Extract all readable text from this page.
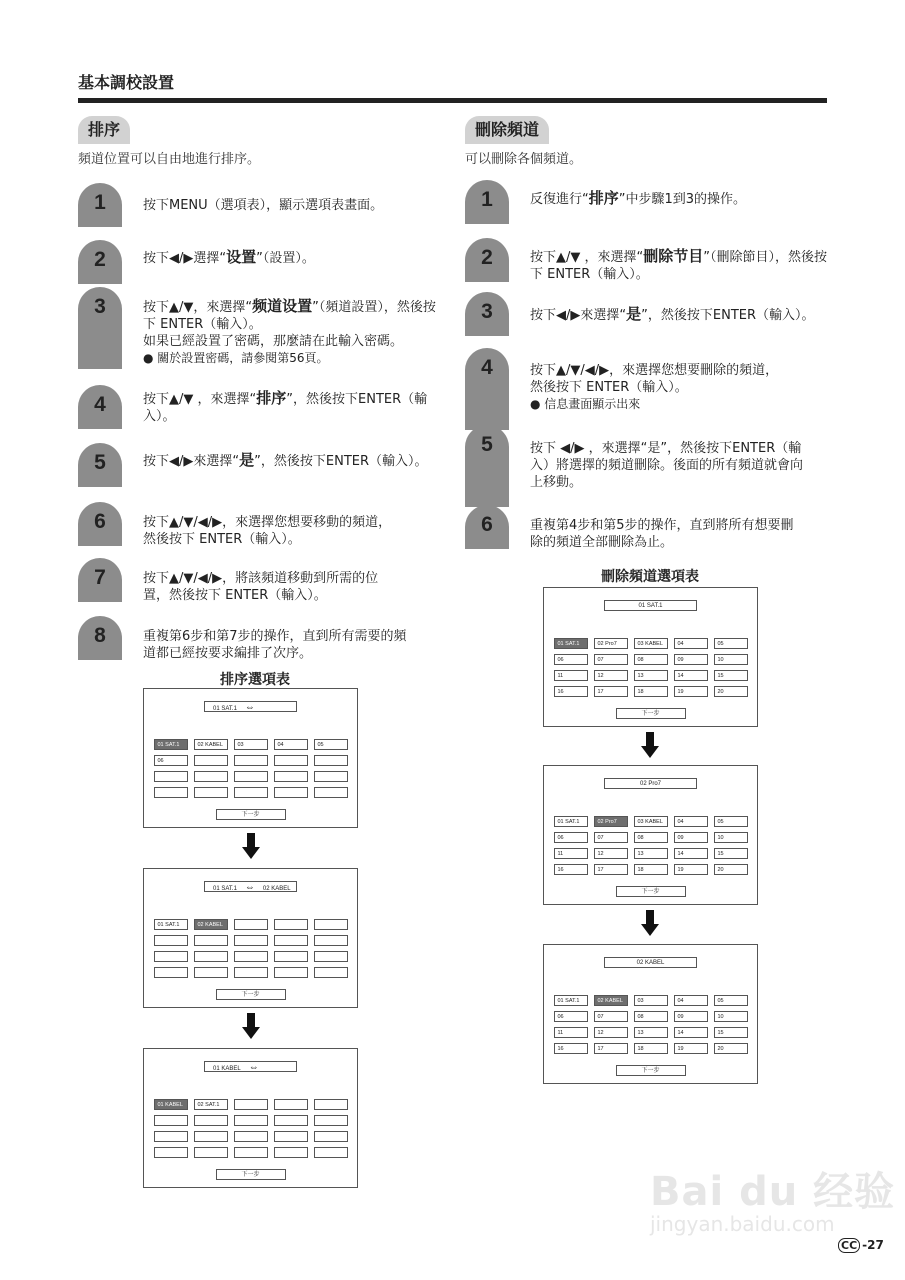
基本調校設置
排序
頻道位置可以自由地進行排序。
1	按下MENU（選項表），顯示選項表畫面。
2	按下◀/▶選擇“设置”（設置）。
3	按下▲/▼，來選擇“频道设置”（頻道設置），然後按下 ENTER（輸入）。
如果已經設置了密碼，那麼請在此輸入密碼。
● 關於設置密碼，請參閱第56頁。
4	按下▲/▼ ，來選擇“排序”，然後按下ENTER（輸入）。
5	按下◀/▶來選擇“是”，然後按下ENTER（輸入）。
6	按下▲/▼/◀/▶，來選擇您想要移動的頻道，
然後按下 ENTER（輸入）。
7	按下▲/▼/◀/▶，將該頻道移動到所需的位
置，然後按下 ENTER（輸入）。
8	重複第6步和第7步的操作，直到所有需要的頻
道都已經按要求編排了次序。
排序選項表
01 SAT.1 ⇔
01 SAT.1	02 KABEL	03	04	05
06
下一步
01 SAT.1 ⇔ 02 KABEL
01 SAT.1	02 KABEL
下一步
01 KABEL ⇔
01 KABEL	02 SAT.1
下一步
刪除頻道
可以刪除各個頻道。
1	反復進行“排序”中步驟1到3的操作。
2	按下▲/▼ ，來選擇“刪除节目”（刪除節目），然後按下 ENTER（輸入）。
3	按下◀/▶來選擇“是”，然後按下ENTER（輸入）。
4	按下▲/▼/◀/▶，來選擇您想要刪除的頻道，
然後按下 ENTER（輸入）。
● 信息畫面顯示出來
5	按下 ◀/▶ ，來選擇“是”，然後按下ENTER（輸
入）將選擇的頻道刪除。後面的所有頻道就會向
上移動。
6	重複第4步和第5步的操作，直到將所有想要刪
除的頻道全部刪除為止。
刪除頻道選項表
01 SAT.1
01 SAT.1	02 Pro7	03 KABEL	04	05
06	07	08	09	10
11	12	13	14	15
16	17	18	19	20
下一步
02 Pro7
01 SAT.1	02 Pro7	03 KABEL	04	05
06	07	08	09	10
11	12	13	14	15
16	17	18	19	20
下一步
02 KABEL
01 SAT.1	02 KABEL	03	04	05
06	07	08	09	10
11	12	13	14	15
16	17	18	19	20
下一步
Bai du 经验
jingyan.baidu.com
CC -27
